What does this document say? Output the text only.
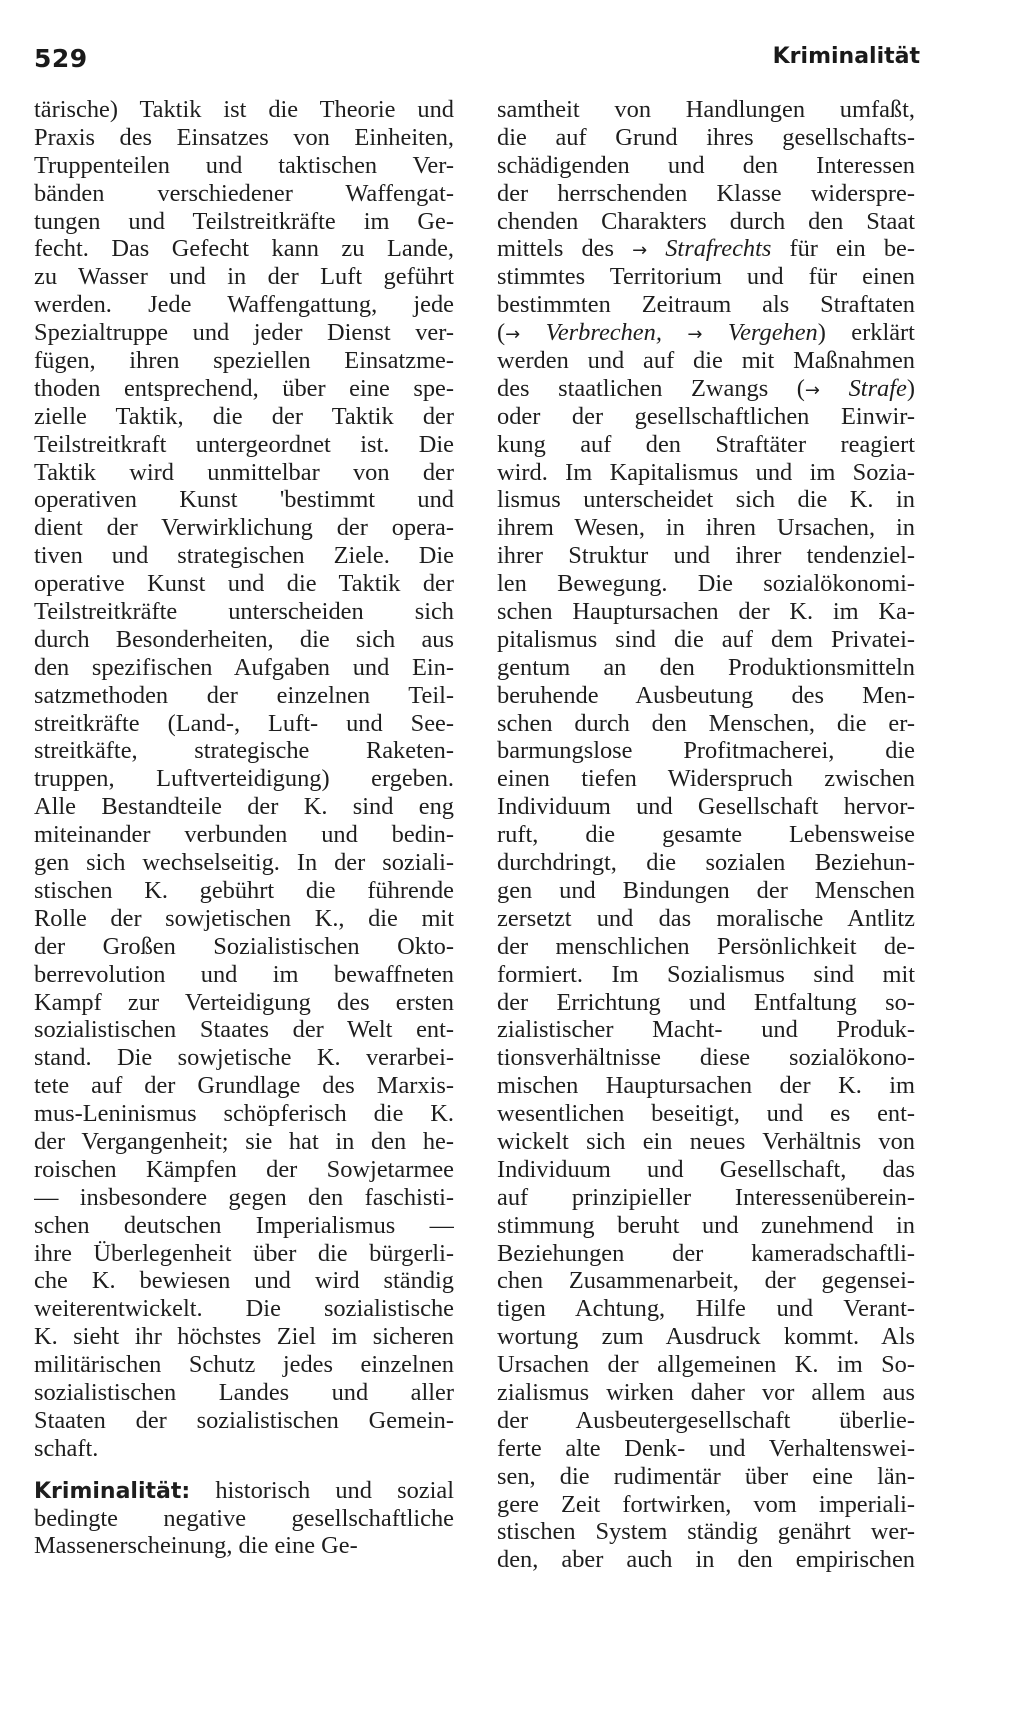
529	Kriminalität
tärische) Taktik ist die Theorie und
Praxis des Einsatzes von Einheiten,
Truppenteilen und taktischen Ver-
bänden verschiedener Waffengat-
tungen und Teilstreitkräfte im Ge-
fecht. Das Gefecht kann zu Lande,
zu Wasser und in der Luft geführt
werden. Jede Waffengattung, jede
Spezialtruppe und jeder Dienst ver-
fügen, ihren speziellen Einsatzme-
thoden entsprechend, über eine spe-
zielle Taktik, die der Taktik der
Teilstreitkraft untergeordnet ist. Die
Taktik wird unmittelbar von der
operativen Kunst 'bestimmt und
dient der Verwirklichung der opera-
tiven und strategischen Ziele. Die
operative Kunst und die Taktik der
Teilstreitkräfte unterscheiden sich
durch Besonderheiten, die sich aus
den spezifischen Aufgaben und Ein-
satzmethoden der einzelnen Teil-
streitkräfte (Land-, Luft- und See-
streitkäfte, strategische Raketen-
truppen, Luftverteidigung) ergeben.
Alle Bestandteile der K. sind eng
miteinander verbunden und bedin-
gen sich wechselseitig. In der soziali-
stischen K. gebührt die führende
Rolle der sowjetischen K., die mit
der Großen Sozialistischen Okto-
berrevolution und im bewaffneten
Kampf zur Verteidigung des ersten
sozialistischen Staates der Welt ent-
stand. Die sowjetische K. verarbei-
tete auf der Grundlage des Marxis-
mus-Leninismus schöpferisch die K.
der Vergangenheit; sie hat in den he-
roischen Kämpfen der Sowjetarmee
— insbesondere gegen den faschisti-
schen deutschen Imperialismus —
ihre Überlegenheit über die bürgerli-
che K. bewiesen und wird ständig
weiterentwickelt. Die sozialistische
K. sieht ihr höchstes Ziel im sicheren
militärischen Schutz jedes einzelnen
sozialistischen Landes und aller
Staaten der sozialistischen Gemein-
schaft.
Kriminalität: historisch und sozial
bedingte negative gesellschaftliche
Massenerscheinung, die eine Ge-
samtheit von Handlungen umfaßt,
die auf Grund ihres gesellschafts-
schädigenden und den Interessen
der herrschenden Klasse widerspre-
chenden Charakters durch den Staat
mittels des → Strafrechts für ein be-
stimmtes Territorium und für einen
bestimmten Zeitraum als Straftaten
(→ Verbrechen, → Vergehen) erklärt
werden und auf die mit Maßnahmen
des staatlichen Zwangs (→ Strafe)
oder der gesellschaftlichen Einwir-
kung auf den Straftäter reagiert
wird. Im Kapitalismus und im Sozia-
lismus unterscheidet sich die K. in
ihrem Wesen, in ihren Ursachen, in
ihrer Struktur und ihrer tendenziel-
len Bewegung. Die sozialökonomi-
schen Hauptursachen der K. im Ka-
pitalismus sind die auf dem Privatei-
gentum an den Produktionsmitteln
beruhende Ausbeutung des Men-
schen durch den Menschen, die er-
barmungslose Profitmacherei, die
einen tiefen Widerspruch zwischen
Individuum und Gesellschaft hervor-
ruft, die gesamte Lebensweise
durchdringt, die sozialen Beziehun-
gen und Bindungen der Menschen
zersetzt und das moralische Antlitz
der menschlichen Persönlichkeit de-
formiert. Im Sozialismus sind mit
der Errichtung und Entfaltung so-
zialistischer Macht- und Produk-
tionsverhältnisse diese sozialökono-
mischen Hauptursachen der K. im
wesentlichen beseitigt, und es ent-
wickelt sich ein neues Verhältnis von
Individuum und Gesellschaft, das
auf prinzipieller Interessenüberein-
stimmung beruht und zunehmend in
Beziehungen der kameradschaftli-
chen Zusammenarbeit, der gegensei-
tigen Achtung, Hilfe und Verant-
wortung zum Ausdruck kommt. Als
Ursachen der allgemeinen K. im So-
zialismus wirken daher vor allem aus
der Ausbeutergesellschaft überlie-
ferte alte Denk- und Verhaltenswei-
sen, die rudimentär über eine län-
gere Zeit fortwirken, vom imperiali-
stischen System ständig genährt wer-
den, aber auch in den empirischen
